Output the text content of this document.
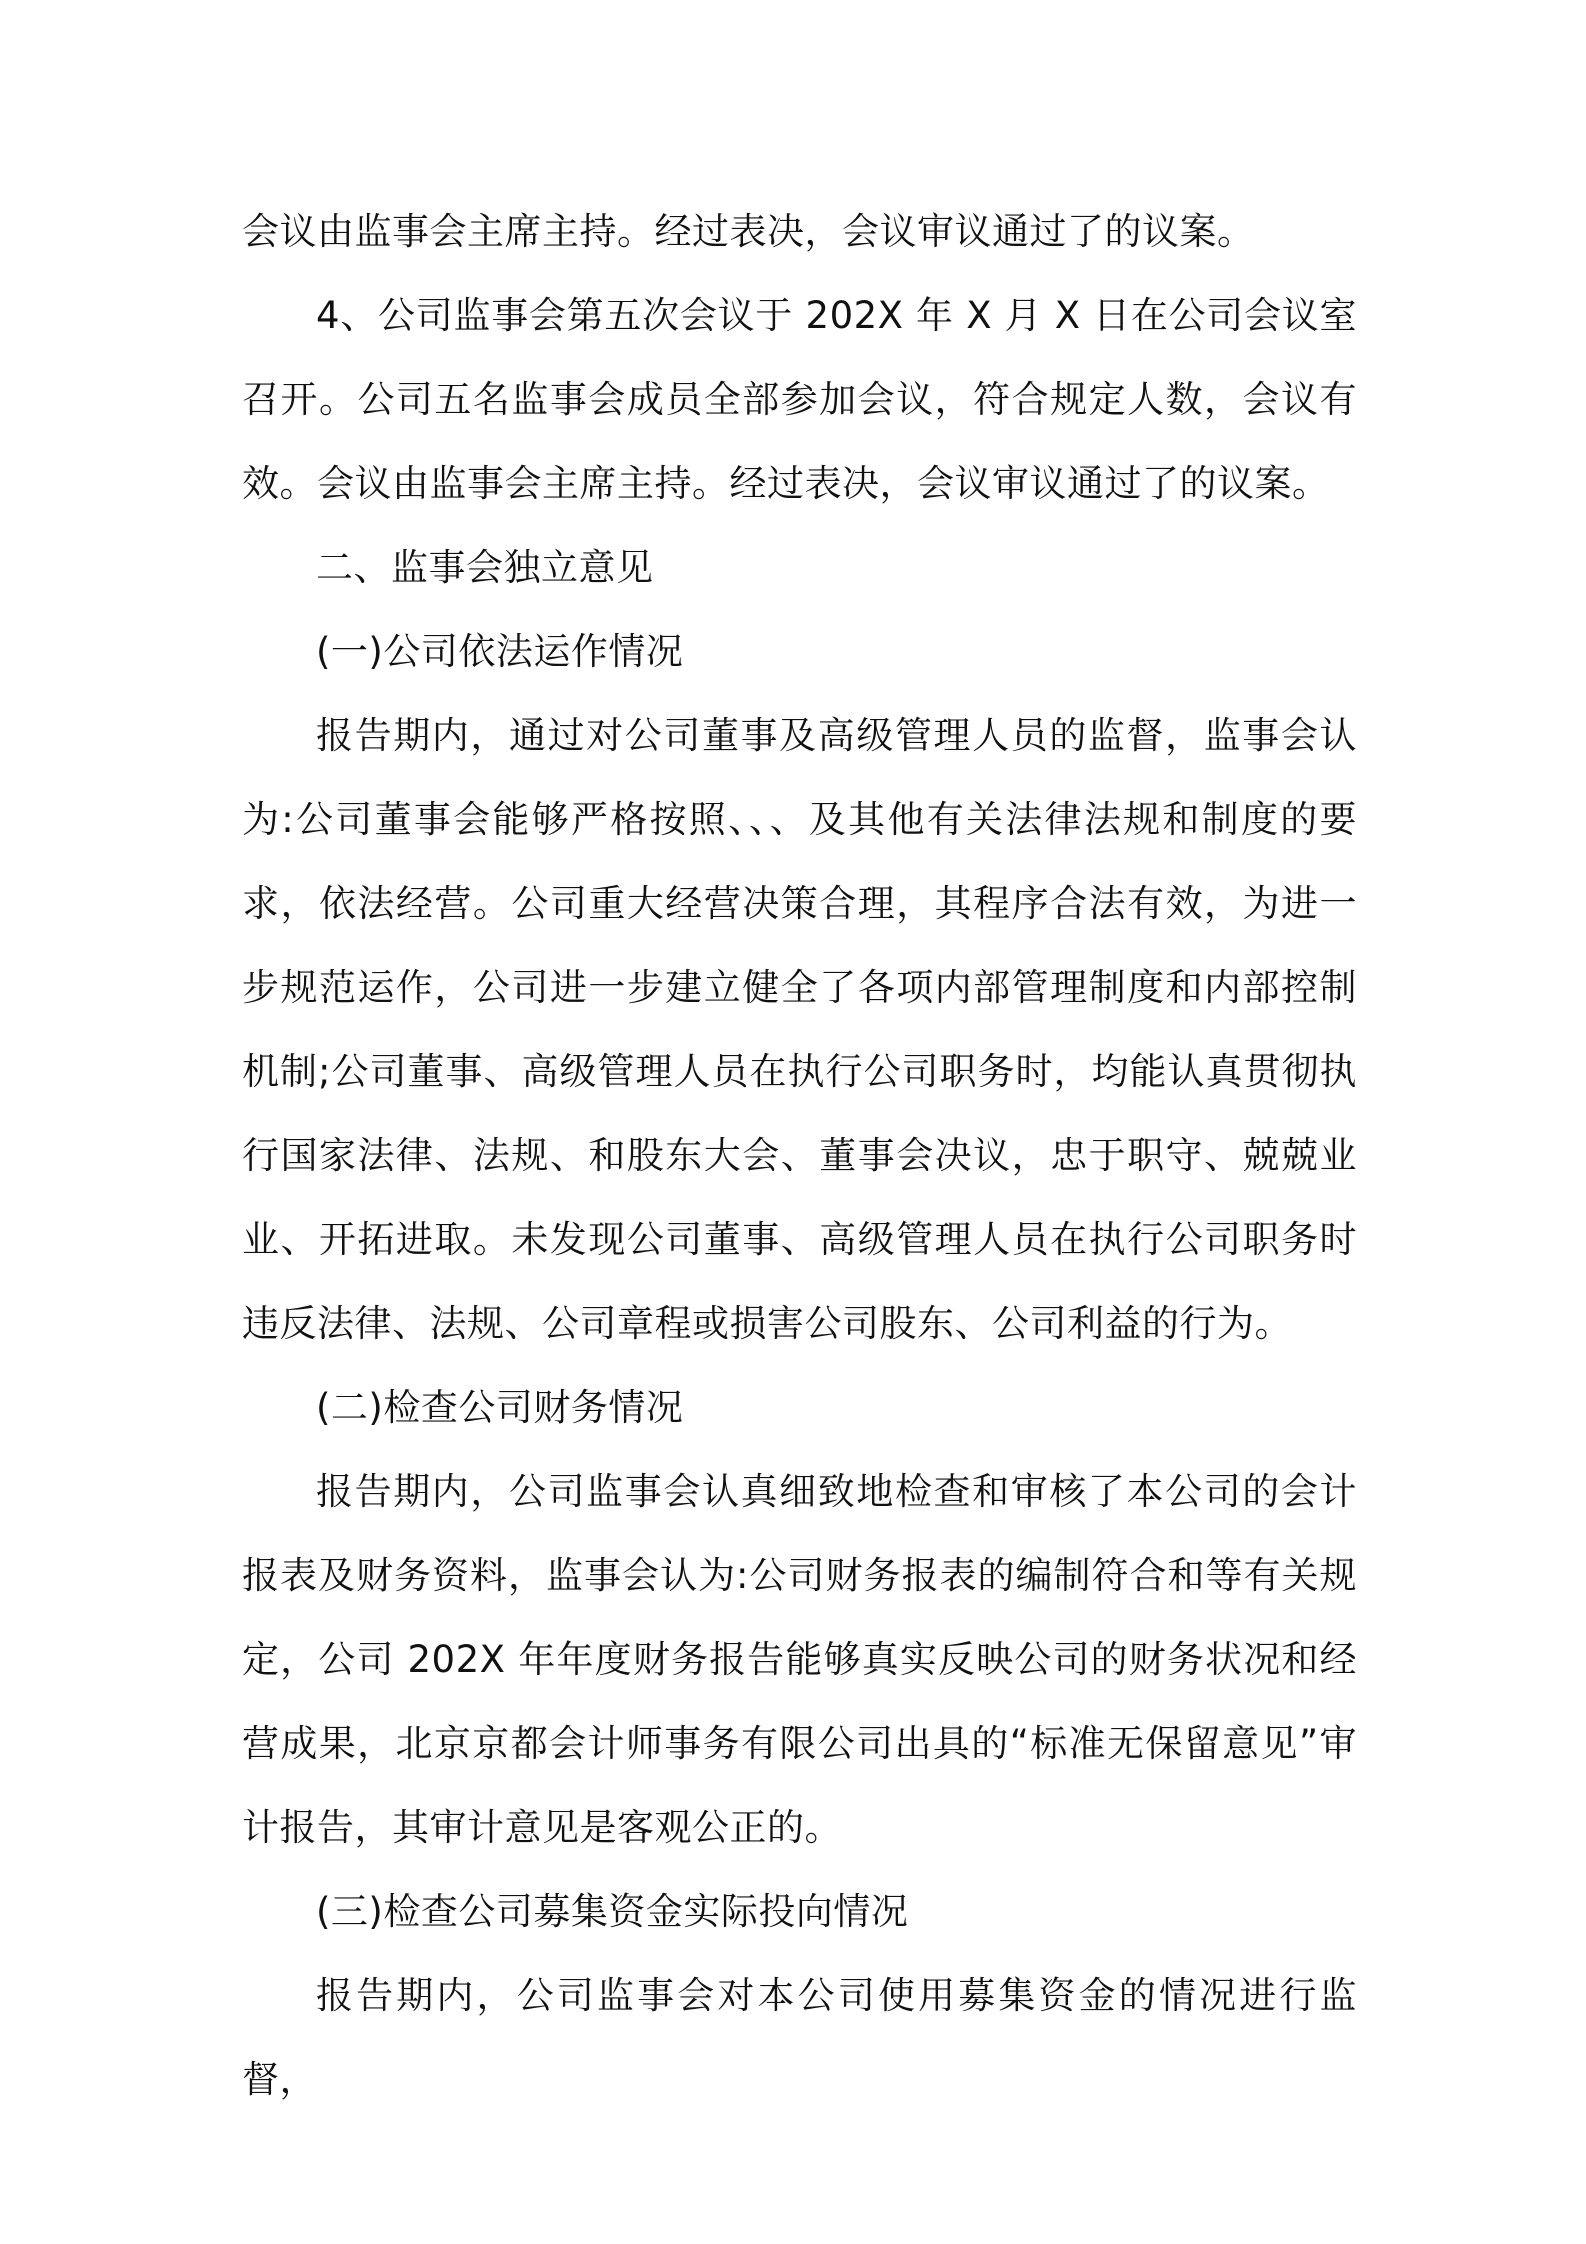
会议由监事会主席主持。经过表决，会议审议通过了的议案。

4、公司监事会第五次会议于 202X 年 X 月 X 日在公司会议室召开。公司五名监事会成员全部参加会议，符合规定人数，会议有效。会议由监事会主席主持。经过表决，会议审议通过了的议案。

二、监事会独立意见

(一)公司依法运作情况

报告期内，通过对公司董事及高级管理人员的监督，监事会认为:公司董事会能够严格按照、、、及其他有关法律法规和制度的要求，依法经营。公司重大经营决策合理，其程序合法有效，为进一步规范运作，公司进一步建立健全了各项内部管理制度和内部控制机制;公司董事、高级管理人员在执行公司职务时，均能认真贯彻执行国家法律、法规、和股东大会、董事会决议，忠于职守、兢兢业业、开拓进取。未发现公司董事、高级管理人员在执行公司职务时违反法律、法规、公司章程或损害公司股东、公司利益的行为。

(二)检查公司财务情况

报告期内，公司监事会认真细致地检查和审核了本公司的会计报表及财务资料，监事会认为:公司财务报表的编制符合和等有关规定，公司 202X 年年度财务报告能够真实反映公司的财务状况和经营成果，北京京都会计师事务有限公司出具的“标准无保留意见”审计报告，其审计意见是客观公正的。

(三)检查公司募集资金实际投向情况

报告期内，公司监事会对本公司使用募集资金的情况进行监督，
